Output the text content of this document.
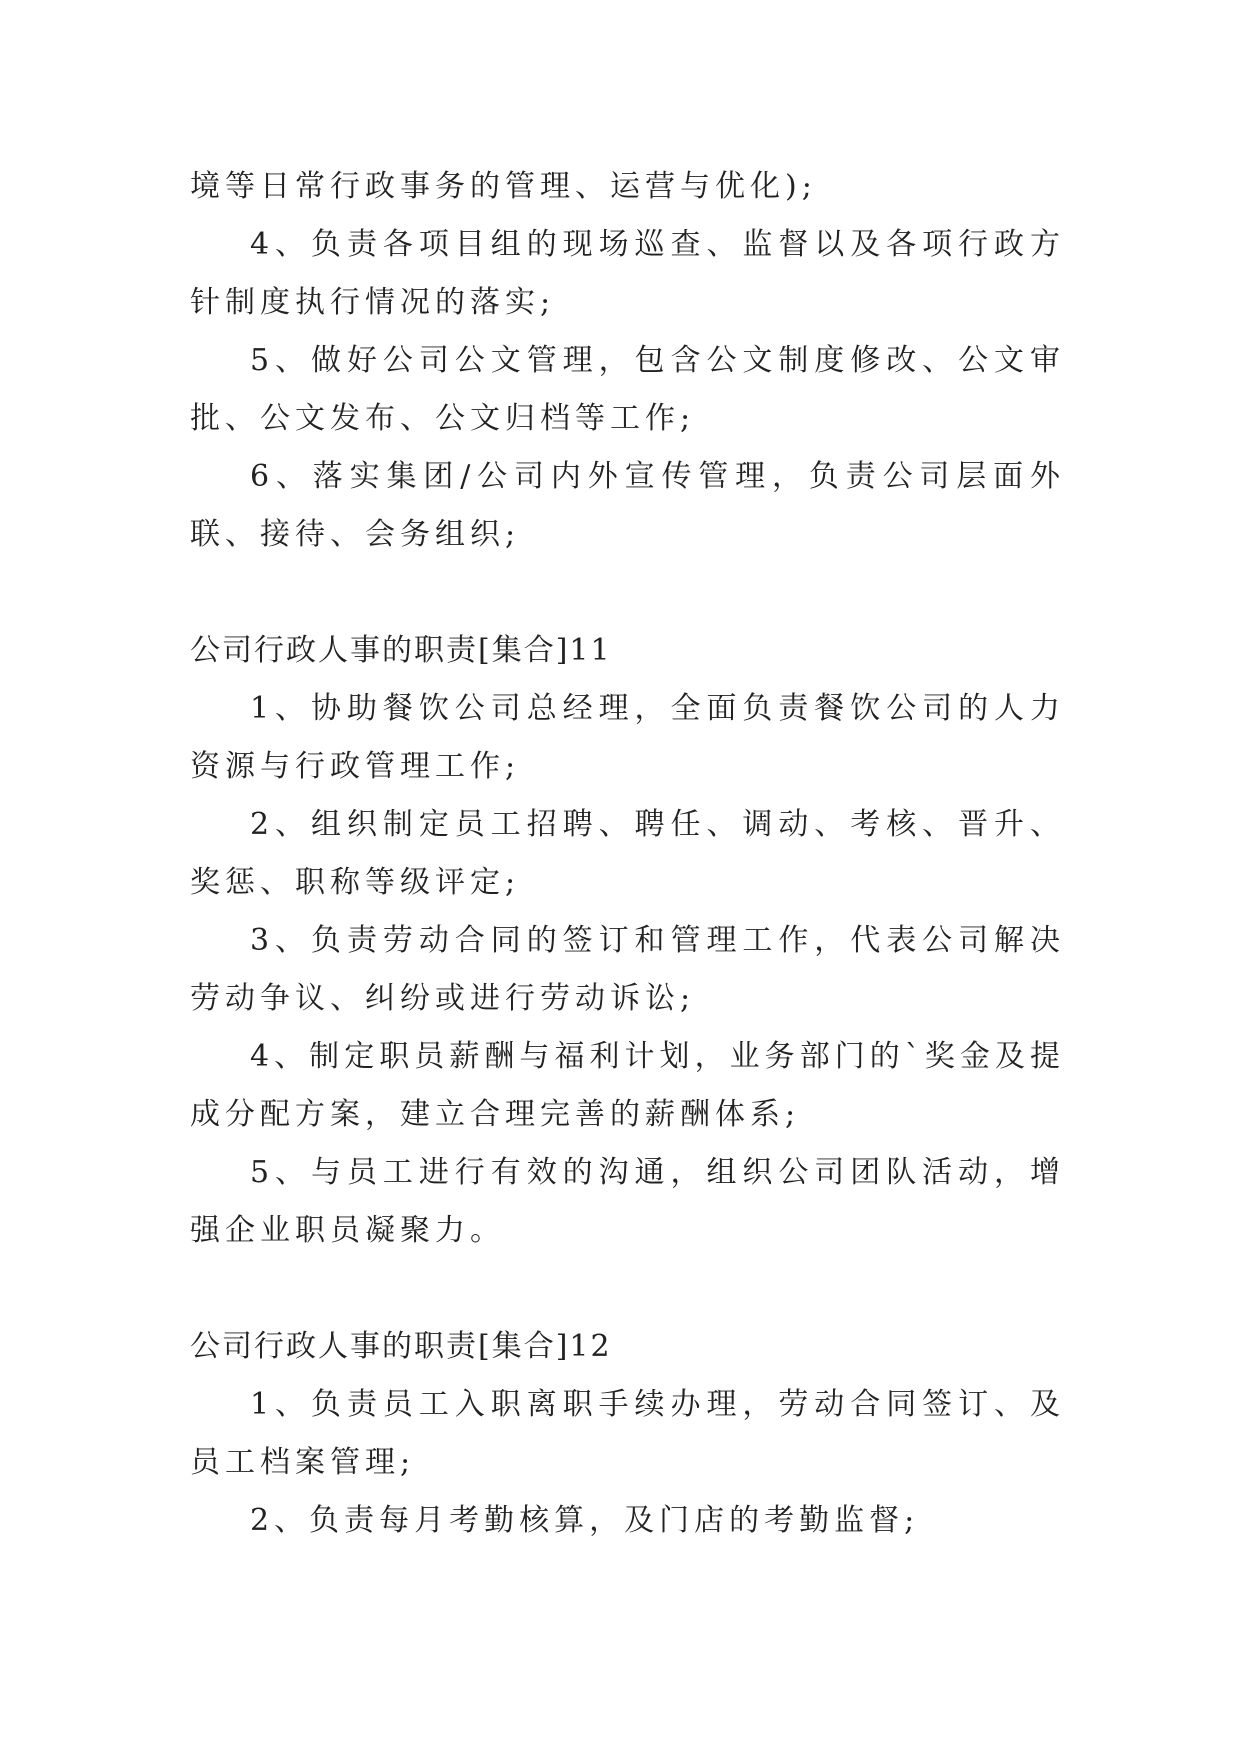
境等日常行政事务的管理、运营与优化);

4、负责各项目组的现场巡查、监督以及各项行政方针制度执行情况的落实;

5、做好公司公文管理，包含公文制度修改、公文审批、公文发布、公文归档等工作;

6、落实集团/公司内外宣传管理，负责公司层面外联、接待、会务组织;

公司行政人事的职责[集合]11

1、协助餐饮公司总经理，全面负责餐饮公司的人力资源与行政管理工作;

2、组织制定员工招聘、聘任、调动、考核、晋升、奖惩、职称等级评定;

3、负责劳动合同的签订和管理工作，代表公司解决劳动争议、纠纷或进行劳动诉讼;

4、制定职员薪酬与福利计划，业务部门的`奖金及提成分配方案，建立合理完善的薪酬体系;

5、与员工进行有效的沟通，组织公司团队活动，增强企业职员凝聚力。

公司行政人事的职责[集合]12

1、负责员工入职离职手续办理，劳动合同签订、及员工档案管理;

2、负责每月考勤核算，及门店的考勤监督;
